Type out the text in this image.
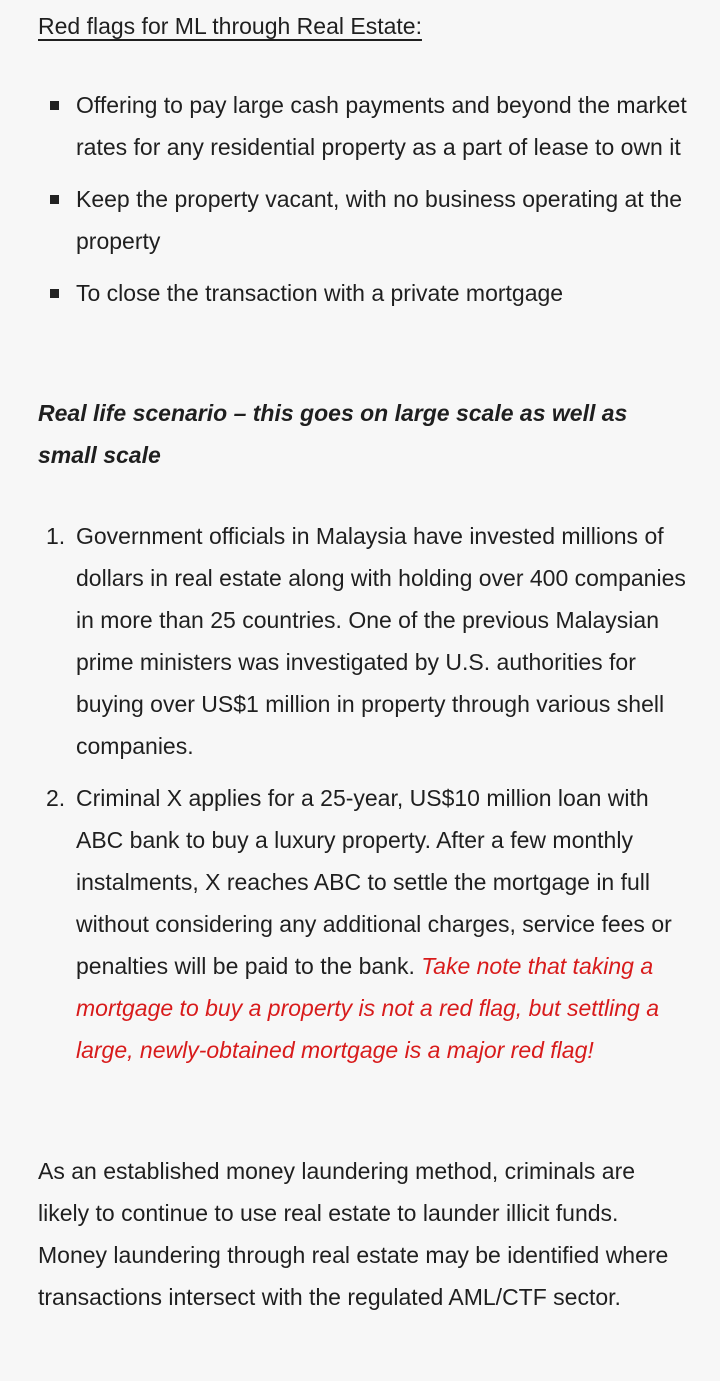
Red flags for ML through Real Estate:
Offering to pay large cash payments and beyond the market rates for any residential property as a part of lease to own it
Keep the property vacant, with no business operating at the property
To close the transaction with a private mortgage

Real life scenario – this goes on large scale as well as small scale

1. Government officials in Malaysia have invested millions of dollars in real estate along with holding over 400 companies in more than 25 countries. One of the previous Malaysian prime ministers was investigated by U.S. authorities for buying over US$1 million in property through various shell companies.
2. Criminal X applies for a 25-year, US$10 million loan with ABC bank to buy a luxury property. After a few monthly instalments, X reaches ABC to settle the mortgage in full without considering any additional charges, service fees or penalties will be paid to the bank. Take note that taking a mortgage to buy a property is not a red flag, but settling a large, newly-obtained mortgage is a major red flag!

As an established money laundering method, criminals are likely to continue to use real estate to launder illicit funds. Money laundering through real estate may be identified where transactions intersect with the regulated AML/CTF sector.
